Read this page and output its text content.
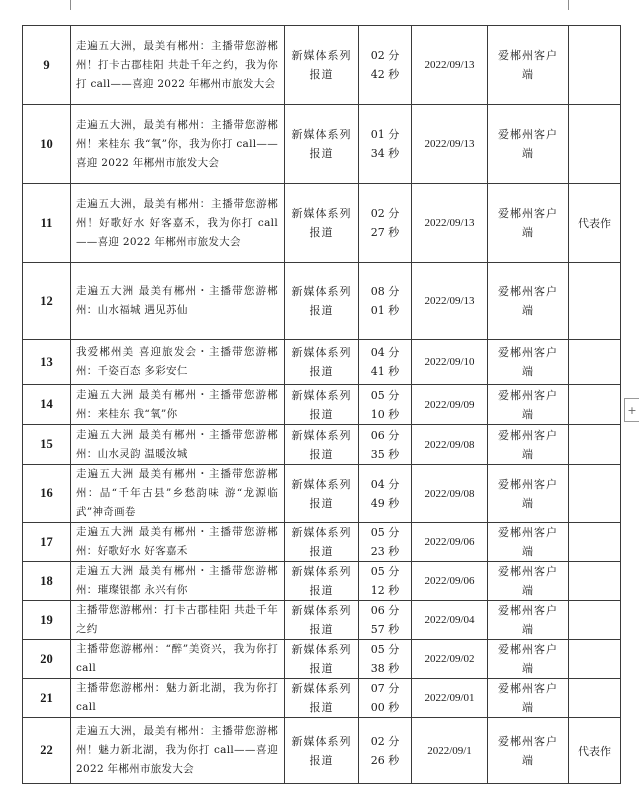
9	走遍五大洲，最美有郴州：主播带您游郴州！打卡古郡桂阳 共赴千年之约，我为你打 call——喜迎 2022 年郴州市旅发大会	新媒体系列报道	02 分 42 秒	2022/09/13	爱郴州客户端	
10	走遍五大洲，最美有郴州：主播带您游郴州！来桂东 我“氧”你，我为你打 call——喜迎 2022 年郴州市旅发大会	新媒体系列报道	01 分 34 秒	2022/09/13	爱郴州客户端	
11	走遍五大洲，最美有郴州：主播带您游郴州！好歌好水 好客嘉禾，我为你打 call——喜迎 2022 年郴州市旅发大会	新媒体系列报道	02 分 27 秒	2022/09/13	爱郴州客户端	代表作
12	走遍五大洲 最美有郴州・主播带您游郴州：山水福城 遇见苏仙	新媒体系列报道	08 分 01 秒	2022/09/13	爱郴州客户端	
13	我爱郴州美 喜迎旅发会・主播带您游郴州：千姿百态 多彩安仁	新媒体系列报道	04 分 41 秒	2022/09/10	爱郴州客户端	
14	走遍五大洲 最美有郴州・主播带您游郴州：来桂东 我“氧”你	新媒体系列报道	05 分 10 秒	2022/09/09	爱郴州客户端	
15	走遍五大洲 最美有郴州・主播带您游郴州：山水灵韵 温暖汝城	新媒体系列报道	06 分 35 秒	2022/09/08	爱郴州客户端	
16	走遍五大洲 最美有郴州・主播带您游郴州：品“千年古县”乡愁韵味 游“龙源临武”神奇画卷	新媒体系列报道	04 分 49 秒	2022/09/08	爱郴州客户端	
17	走遍五大洲 最美有郴州・主播带您游郴州：好歌好水 好客嘉禾	新媒体系列报道	05 分 23 秒	2022/09/06	爱郴州客户端	
18	走遍五大洲 最美有郴州・主播带您游郴州：璀璨银都 永兴有你	新媒体系列报道	05 分 12 秒	2022/09/06	爱郴州客户端	
19	主播带您游郴州：打卡古郡桂阳 共赴千年之约	新媒体系列报道	06 分 57 秒	2022/09/04	爱郴州客户端	
20	主播带您游郴州：“醉”美资兴，我为你打 call	新媒体系列报道	05 分 38 秒	2022/09/02	爱郴州客户端	
21	主播带您游郴州：魅力新北湖，我为你打 call	新媒体系列报道	07 分 00 秒	2022/09/01	爱郴州客户端	
22	走遍五大洲，最美有郴州：主播带您游郴州！魅力新北湖，我为你打 call——喜迎 2022 年郴州市旅发大会	新媒体系列报道	02 分 26 秒	2022/09/1	爱郴州客户端	代表作
+
